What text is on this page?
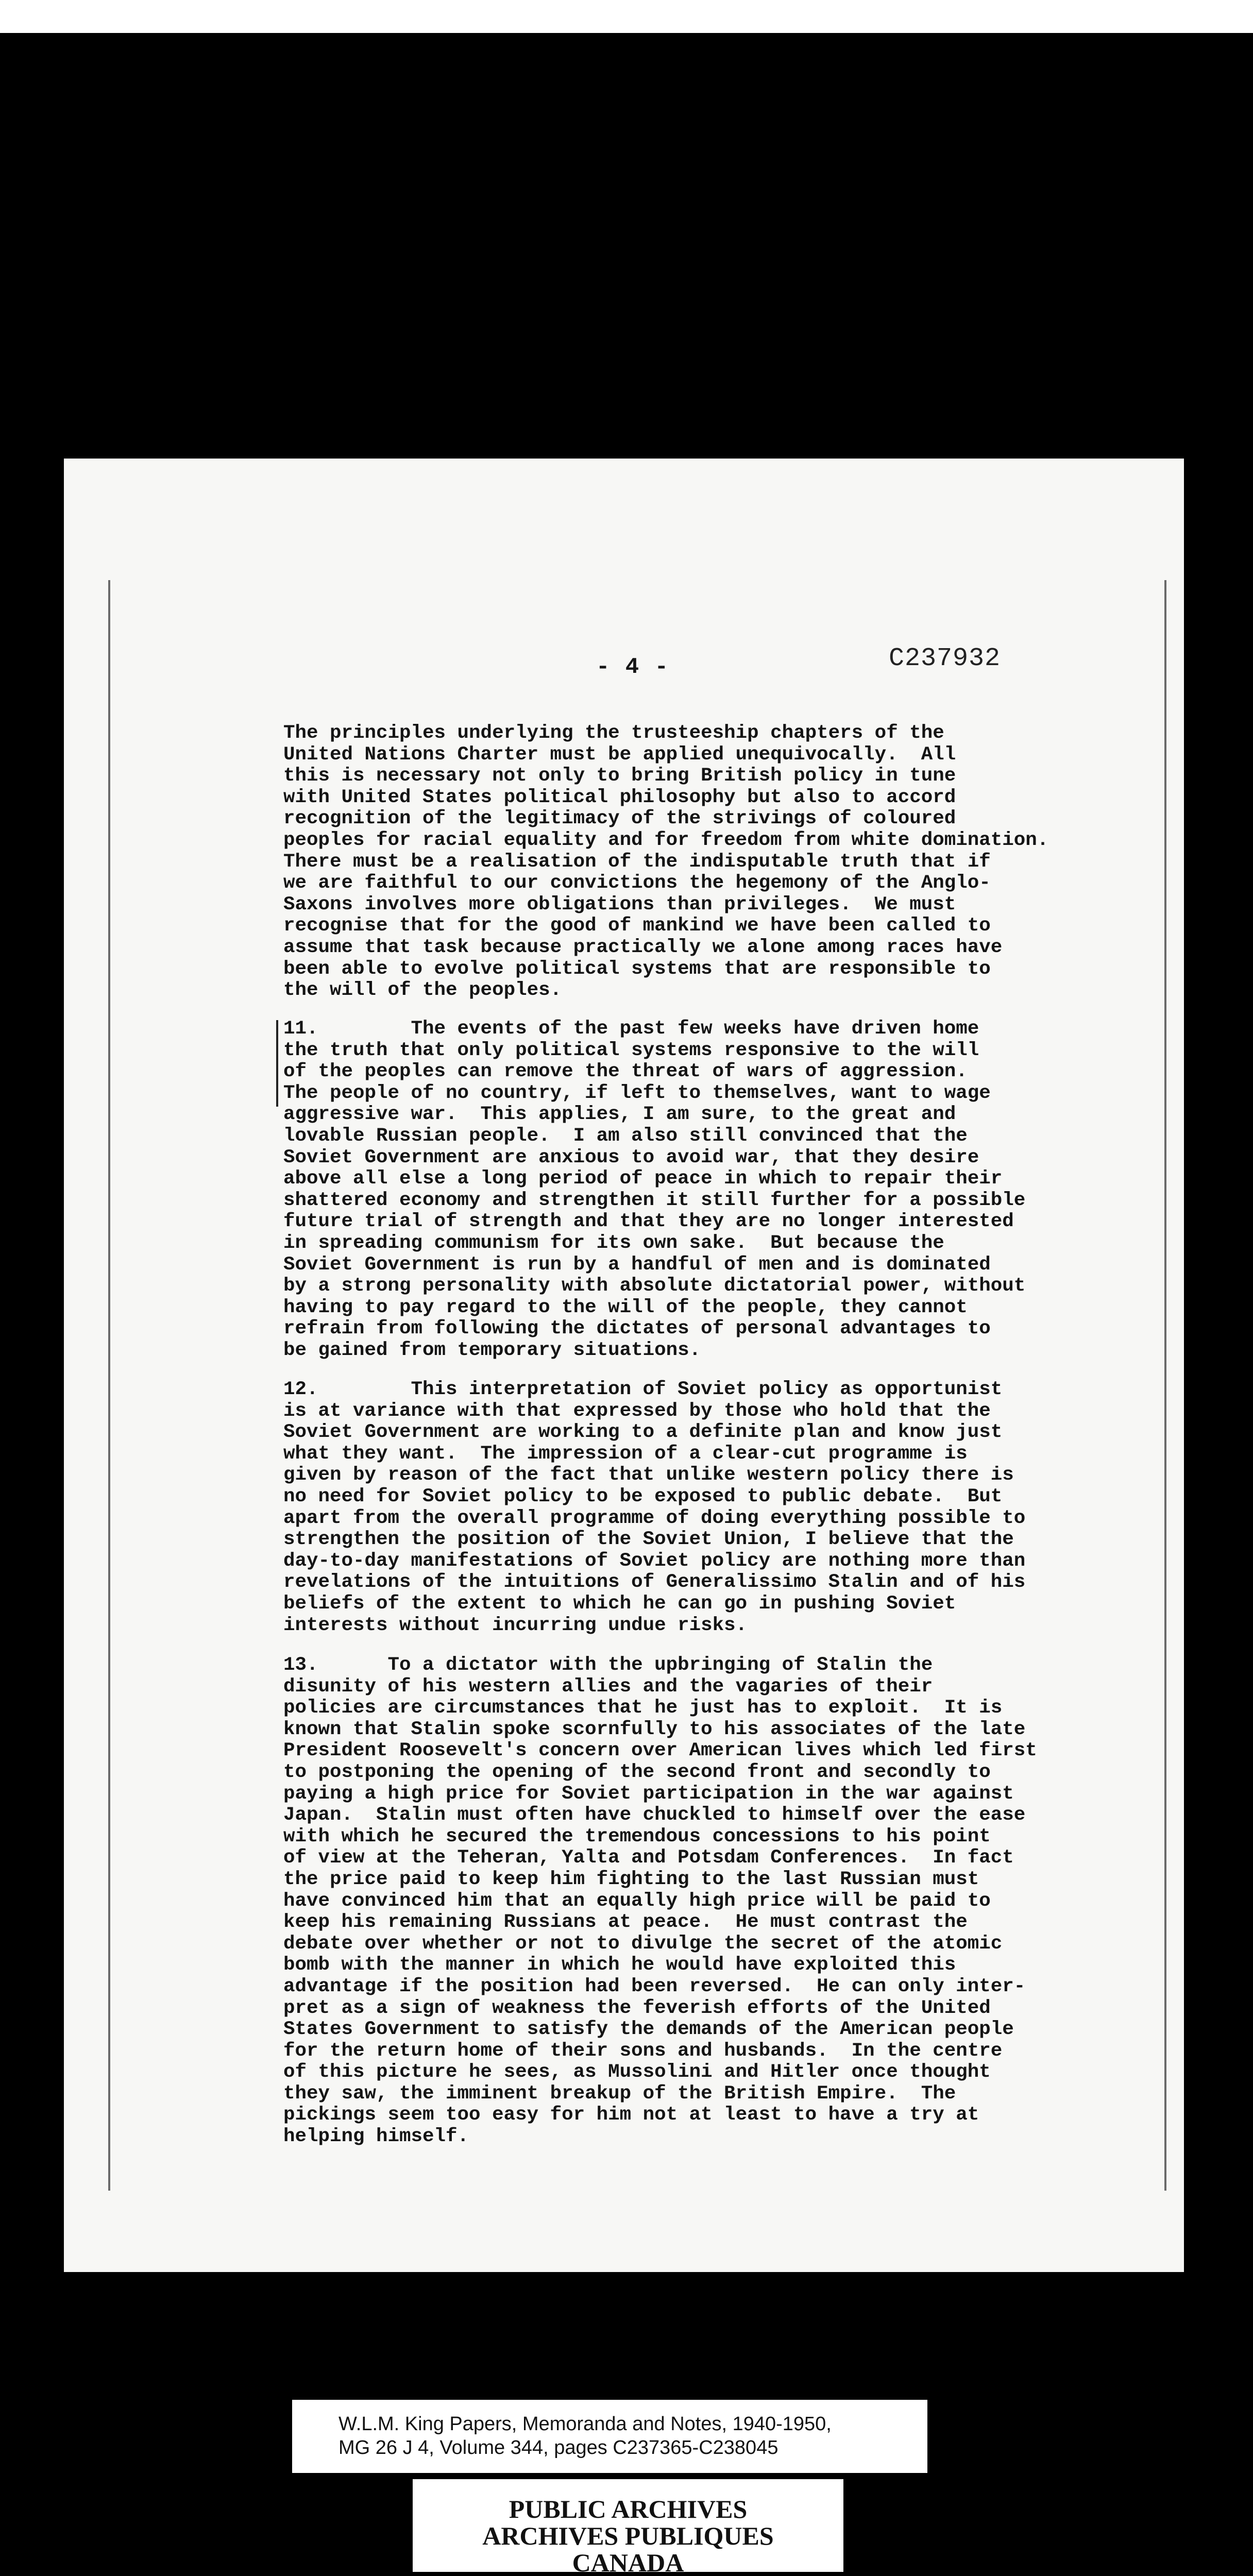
- 4 -	C237932
The principles underlying the trusteeship chapters of the
United Nations Charter must be applied unequivocally.  All
this is necessary not only to bring British policy in tune
with United States political philosophy but also to accord
recognition of the legitimacy of the strivings of coloured
peoples for racial equality and for freedom from white domination.
There must be a realisation of the indisputable truth that if
we are faithful to our convictions the hegemony of the Anglo-
Saxons involves more obligations than privileges.  We must
recognise that for the good of mankind we have been called to
assume that task because practically we alone among races have
been able to evolve political systems that are responsible to
the will of the peoples.
11.        The events of the past few weeks have driven home
the truth that only political systems responsive to the will
of the peoples can remove the threat of wars of aggression.
The people of no country, if left to themselves, want to wage
aggressive war.  This applies, I am sure, to the great and
lovable Russian people.  I am also still convinced that the
Soviet Government are anxious to avoid war, that they desire
above all else a long period of peace in which to repair their
shattered economy and strengthen it still further for a possible
future trial of strength and that they are no longer interested
in spreading communism for its own sake.  But because the
Soviet Government is run by a handful of men and is dominated
by a strong personality with absolute dictatorial power, without
having to pay regard to the will of the people, they cannot
refrain from following the dictates of personal advantages to
be gained from temporary situations.
12.        This interpretation of Soviet policy as opportunist
is at variance with that expressed by those who hold that the
Soviet Government are working to a definite plan and know just
what they want.  The impression of a clear-cut programme is
given by reason of the fact that unlike western policy there is
no need for Soviet policy to be exposed to public debate.  But
apart from the overall programme of doing everything possible to
strengthen the position of the Soviet Union, I believe that the
day-to-day manifestations of Soviet policy are nothing more than
revelations of the intuitions of Generalissimo Stalin and of his
beliefs of the extent to which he can go in pushing Soviet
interests without incurring undue risks.
13.      To a dictator with the upbringing of Stalin the
disunity of his western allies and the vagaries of their
policies are circumstances that he just has to exploit.  It is
known that Stalin spoke scornfully to his associates of the late
President Roosevelt's concern over American lives which led first
to postponing the opening of the second front and secondly to
paying a high price for Soviet participation in the war against
Japan.  Stalin must often have chuckled to himself over the ease
with which he secured the tremendous concessions to his point
of view at the Teheran, Yalta and Potsdam Conferences.  In fact
the price paid to keep him fighting to the last Russian must
have convinced him that an equally high price will be paid to
keep his remaining Russians at peace.  He must contrast the
debate over whether or not to divulge the secret of the atomic
bomb with the manner in which he would have exploited this
advantage if the position had been reversed.  He can only inter-
pret as a sign of weakness the feverish efforts of the United
States Government to satisfy the demands of the American people
for the return home of their sons and husbands.  In the centre
of this picture he sees, as Mussolini and Hitler once thought
they saw, the imminent breakup of the British Empire.  The
pickings seem too easy for him not at least to have a try at
helping himself.
W.L.M. King Papers, Memoranda and Notes, 1940-1950,
MG 26 J 4, Volume 344, pages C237365-C238045
PUBLIC ARCHIVES
ARCHIVES PUBLIQUES
CANADA
